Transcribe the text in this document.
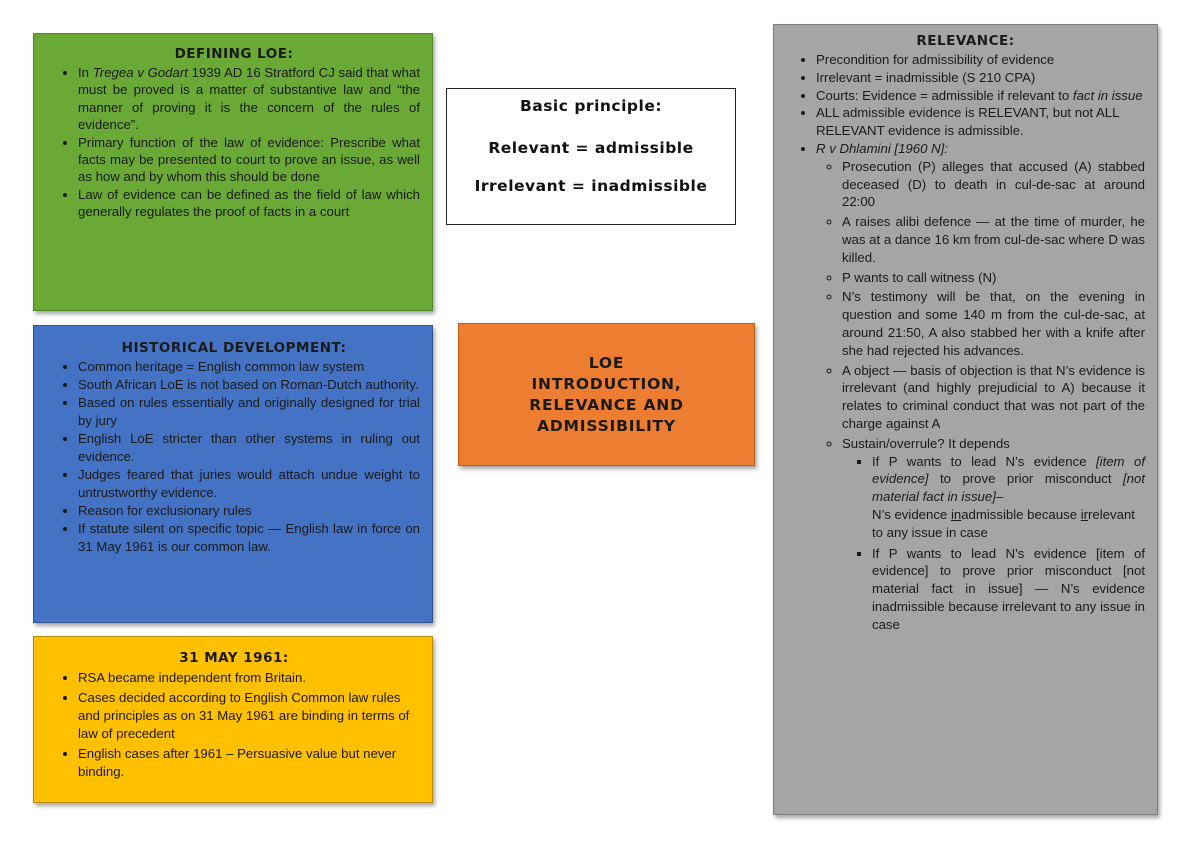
DEFINING LOE:
• In Tregea v Godart 1939 AD 16 Stratford CJ said that what must be proved is a matter of substantive law and “the manner of proving it is the concern of the rules of evidence”.
• Primary function of the law of evidence: Prescribe what facts may be presented to court to prove an issue, as well as how and by whom this should be done
• Law of evidence can be defined as the field of law which generally regulates the proof of facts in a court
Basic principle:
Relevant = admissible
Irrelevant = inadmissible
HISTORICAL DEVELOPMENT:
• Common heritage = English common law system
• South African LoE is not based on Roman-Dutch authority.
• Based on rules essentially and originally designed for trial by jury
• English LoE stricter than other systems in ruling out evidence.
• Judges feared that juries would attach undue weight to untrustworthy evidence.
• Reason for exclusionary rules
• If statute silent on specific topic — English law in force on 31 May 1961 is our common law.
31 MAY 1961:
• RSA became independent from Britain.
• Cases decided according to English Common law rules and principles as on 31 May 1961 are binding in terms of law of precedent
• English cases after 1961 – Persuasive value but never binding.
LOE
INTRODUCTION,
RELEVANCE AND
ADMISSIBILITY
RELEVANCE:
• Precondition for admissibility of evidence
• Irrelevant = inadmissible (S 210 CPA)
• Courts: Evidence = admissible if relevant to fact in issue
• ALL admissible evidence is RELEVANT, but not ALL RELEVANT evidence is admissible.
• R v Dhlamini [1960 N]:
◦ Prosecution (P) alleges that accused (A) stabbed deceased (D) to death in cul-de-sac at around 22:00
◦ A raises alibi defence — at the time of murder, he was at a dance 16 km from cul-de-sac where D was killed.
◦ P wants to call witness (N)
◦ N’s testimony will be that, on the evening in question and some 140 m from the cul-de-sac, at around 21:50, A also stabbed her with a knife after she had rejected his advances.
◦ A object — basis of objection is that N’s evidence is irrelevant (and highly prejudicial to A) because it relates to criminal conduct that was not part of the charge against A
◦ Sustain/overrule? It depends
▪ If P wants to lead N’s evidence [item of evidence] to prove prior misconduct [not material fact in issue]–
N’s evidence inadmissible because irrelevant to any issue in case
▪ If P wants to lead N’s evidence [item of evidence] to prove prior misconduct [not material fact in issue] — N’s evidence inadmissible because irrelevant to any issue in case
